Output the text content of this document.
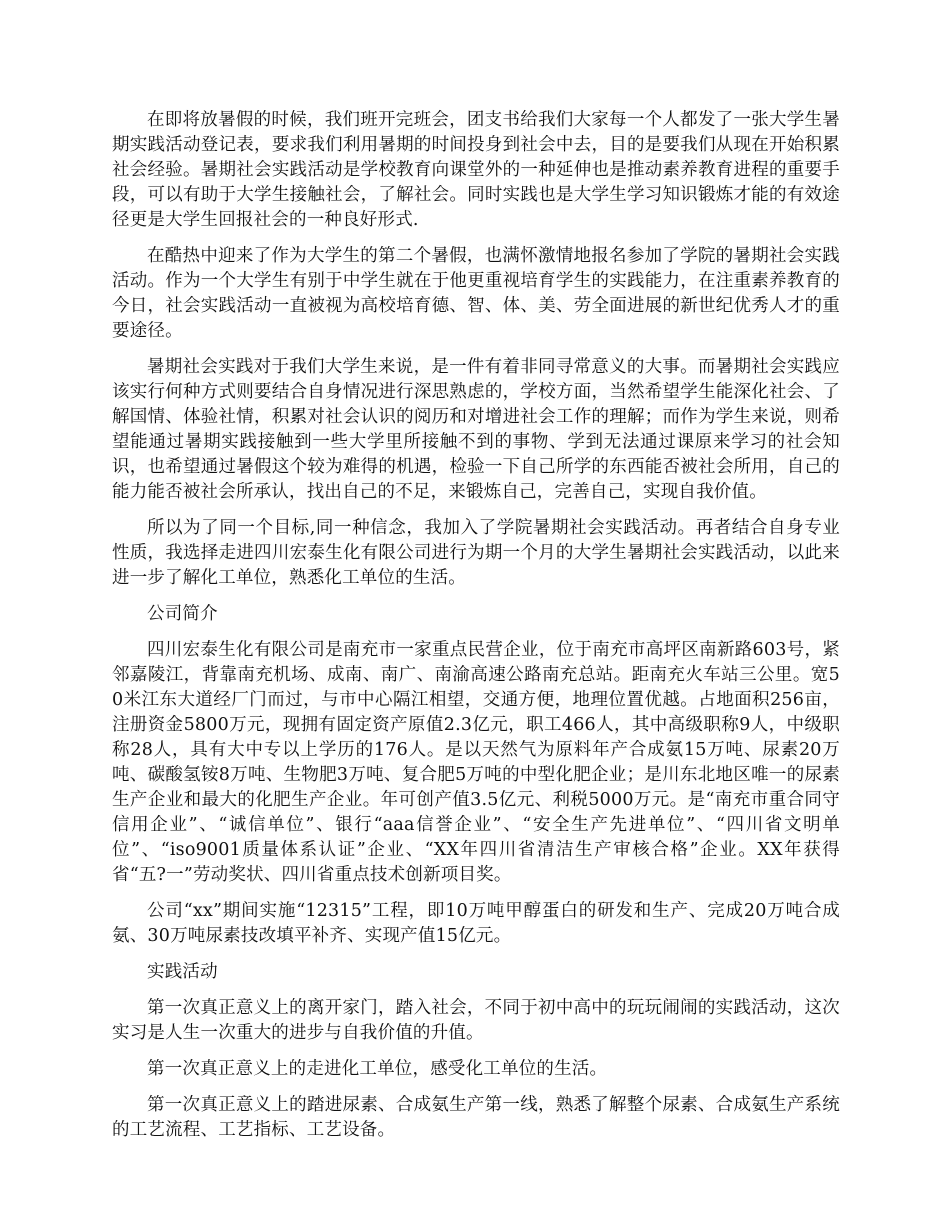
在即将放暑假的时候，我们班开完班会，团支书给我们大家每一个人都发了一张大学生暑期实践活动登记表，要求我们利用暑期的时间投身到社会中去，目的是要我们从现在开始积累社会经验。暑期社会实践活动是学校教育向课堂外的一种延伸也是推动素养教育进程的重要手段，可以有助于大学生接触社会，了解社会。同时实践也是大学生学习知识锻炼才能的有效途径更是大学生回报社会的一种良好形式.

在酷热中迎来了作为大学生的第二个暑假，也满怀激情地报名参加了学院的暑期社会实践活动。作为一个大学生有别于中学生就在于他更重视培育学生的实践能力，在注重素养教育的今日，社会实践活动一直被视为高校培育德、智、体、美、劳全面进展的新世纪优秀人才的重要途径。

暑期社会实践对于我们大学生来说，是一件有着非同寻常意义的大事。而暑期社会实践应该实行何种方式则要结合自身情况进行深思熟虑的，学校方面，当然希望学生能深化社会、了解国情、体验社情，积累对社会认识的阅历和对增进社会工作的理解；而作为学生来说，则希望能通过暑期实践接触到一些大学里所接触不到的事物、学到无法通过课原来学习的社会知识，也希望通过暑假这个较为难得的机遇，检验一下自己所学的东西能否被社会所用，自己的能力能否被社会所承认，找出自己的不足，来锻炼自己，完善自己，实现自我价值。

所以为了同一个目标,同一种信念，我加入了学院暑期社会实践活动。再者结合自身专业性质，我选择走进四川宏泰生化有限公司进行为期一个月的大学生暑期社会实践活动，以此来进一步了解化工单位，熟悉化工单位的生活。

公司简介

四川宏泰生化有限公司是南充市一家重点民营企业，位于南充市高坪区南新路603号，紧邻嘉陵江，背靠南充机场、成南、南广、南渝高速公路南充总站。距南充火车站三公里。宽50米江东大道经厂门而过，与市中心隔江相望，交通方便，地理位置优越。占地面积256亩，注册资金5800万元，现拥有固定资产原值2.3亿元，职工466人，其中高级职称9人，中级职称28人，具有大中专以上学历的176人。是以天然气为原料年产合成氨15万吨、尿素20万吨、碳酸氢铵8万吨、生物肥3万吨、复合肥5万吨的中型化肥企业；是川东北地区唯一的尿素生产企业和最大的化肥生产企业。年可创产值3.5亿元、利税5000万元。是“南充市重合同守信用企业”、“诚信单位”、银行“aaa信誉企业”、“安全生产先进单位”、“四川省文明单位”、“iso9001质量体系认证”企业、“XX年四川省清洁生产审核合格”企业。XX年获得省“五?一”劳动奖状、四川省重点技术创新项目奖。

公司“xx”期间实施“12315”工程，即10万吨甲醇蛋白的研发和生产、完成20万吨合成氨、30万吨尿素技改填平补齐、实现产值15亿元。

实践活动

第一次真正意义上的离开家门，踏入社会，不同于初中高中的玩玩闹闹的实践活动，这次实习是人生一次重大的进步与自我价值的升值。

第一次真正意义上的走进化工单位，感受化工单位的生活。

第一次真正意义上的踏进尿素、合成氨生产第一线，熟悉了解整个尿素、合成氨生产系统的工艺流程、工艺指标、工艺设备。
